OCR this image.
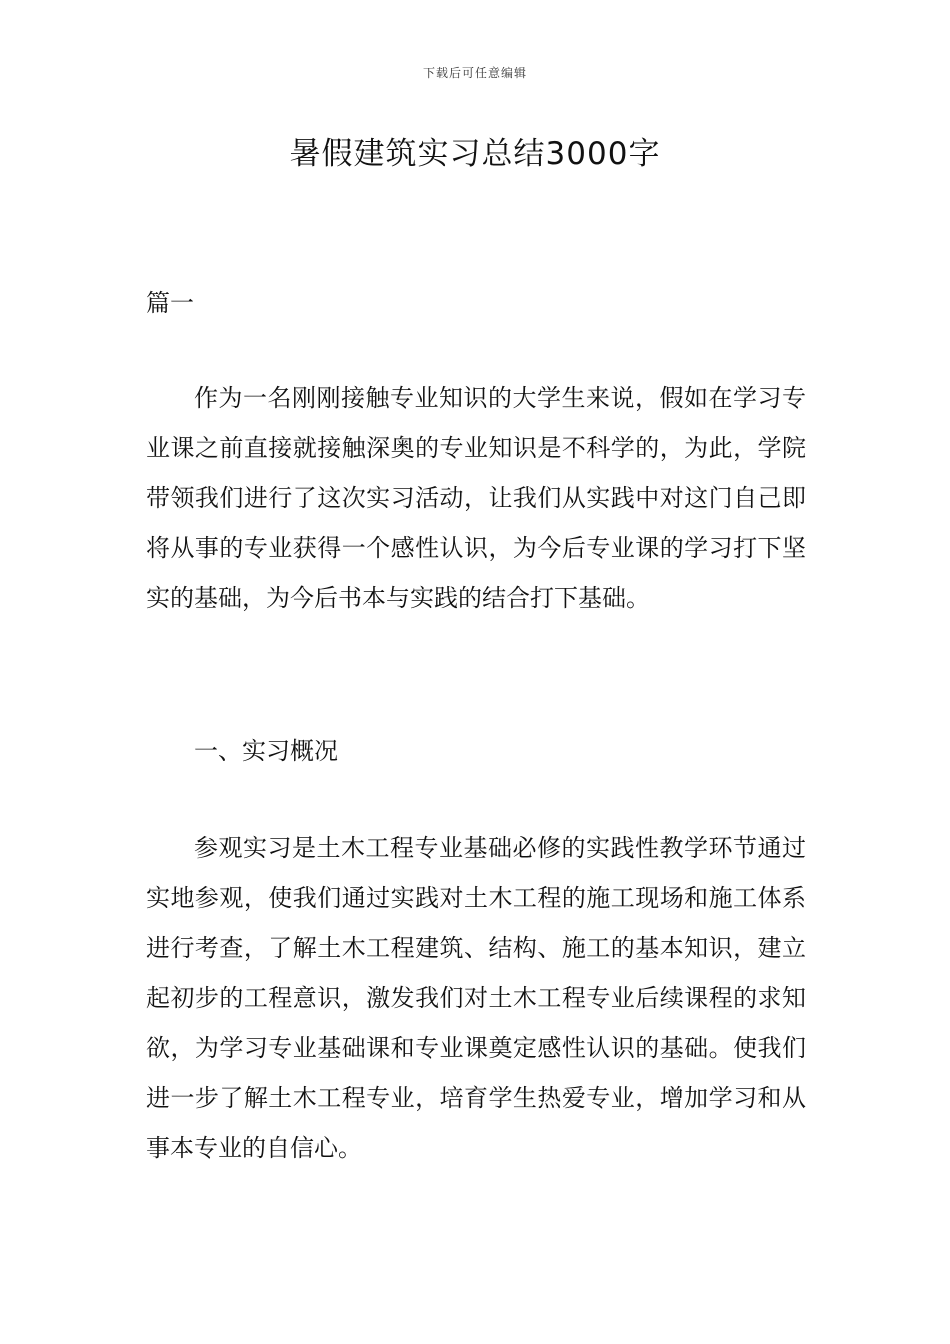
下载后可任意编辑
暑假建筑实习总结3000字
篇一

作为一名刚刚接触专业知识的大学生来说，假如在学习专业课之前直接就接触深奥的专业知识是不科学的，为此，学院带领我们进行了这次实习活动，让我们从实践中对这门自己即将从事的专业获得一个感性认识，为今后专业课的学习打下坚实的基础，为今后书本与实践的结合打下基础。

一、实习概况

参观实习是土木工程专业基础必修的实践性教学环节通过实地参观，使我们通过实践对土木工程的施工现场和施工体系进行考查，了解土木工程建筑、结构、施工的基本知识，建立起初步的工程意识，激发我们对土木工程专业后续课程的求知欲，为学习专业基础课和专业课奠定感性认识的基础。使我们进一步了解土木工程专业，培育学生热爱专业，增加学习和从事本专业的自信心。
